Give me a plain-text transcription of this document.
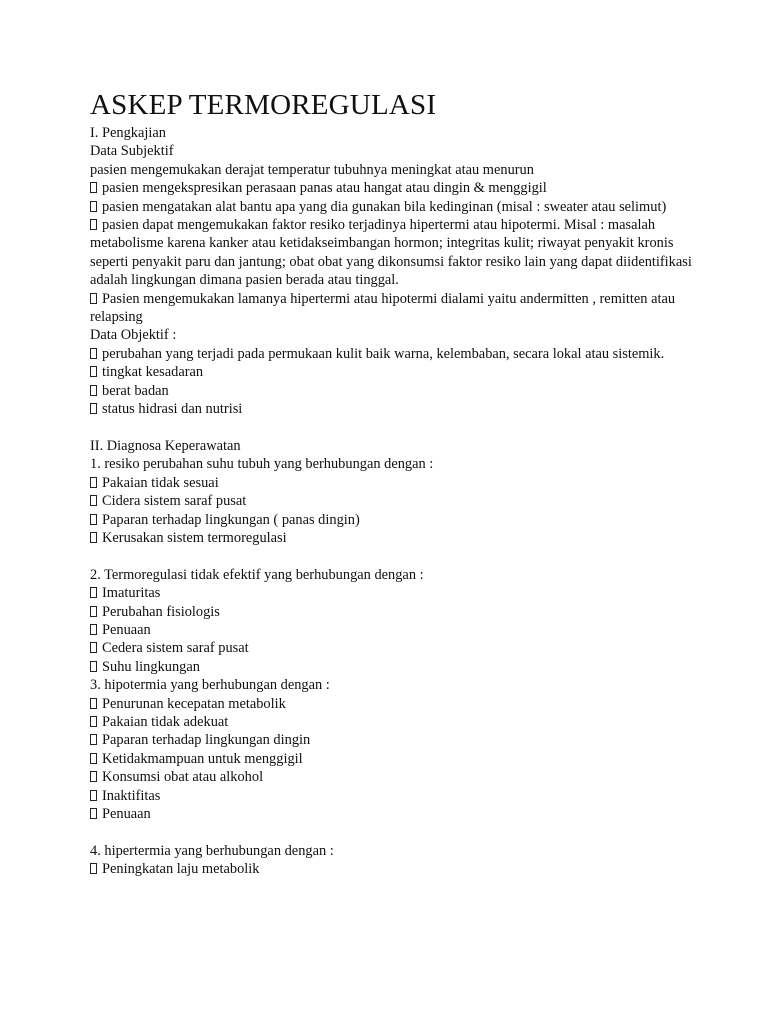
ASKEP TERMOREGULASI
I. Pengkajian
Data Subjektif
pasien mengemukakan derajat temperatur tubuhnya meningkat atau menurun
pasien mengekspresikan perasaan panas atau hangat atau dingin & menggigil
pasien mengatakan alat bantu apa yang dia gunakan bila kedinginan (misal : sweater atau selimut)
pasien dapat mengemukakan faktor resiko terjadinya hipertermi atau hipotermi. Misal : masalah metabolisme karena kanker atau ketidakseimbangan hormon; integritas kulit; riwayat penyakit kronis seperti penyakit paru dan jantung; obat obat yang dikonsumsi faktor resiko lain yang dapat diidentifikasi adalah lingkungan dimana pasien berada atau tinggal.
Pasien mengemukakan lamanya hipertermi atau hipotermi dialami yaitu andermitten , remitten atau relapsing
Data Objektif :
perubahan yang terjadi pada permukaan kulit baik warna, kelembaban, secara lokal atau sistemik.
tingkat kesadaran
berat badan
status hidrasi dan nutrisi
II. Diagnosa Keperawatan
1. resiko perubahan suhu tubuh yang berhubungan dengan :
Pakaian tidak sesuai
Cidera sistem saraf pusat
Paparan terhadap lingkungan ( panas dingin)
Kerusakan sistem termoregulasi
2. Termoregulasi tidak efektif yang berhubungan dengan :
Imaturitas
Perubahan fisiologis
Penuaan
Cedera sistem saraf pusat
Suhu lingkungan
3. hipotermia yang berhubungan dengan :
Penurunan kecepatan metabolik
Pakaian tidak adekuat
Paparan terhadap lingkungan dingin
Ketidakmampuan untuk menggigil
Konsumsi obat atau alkohol
Inaktifitas
Penuaan
4. hipertermia yang berhubungan dengan :
Peningkatan laju metabolik
